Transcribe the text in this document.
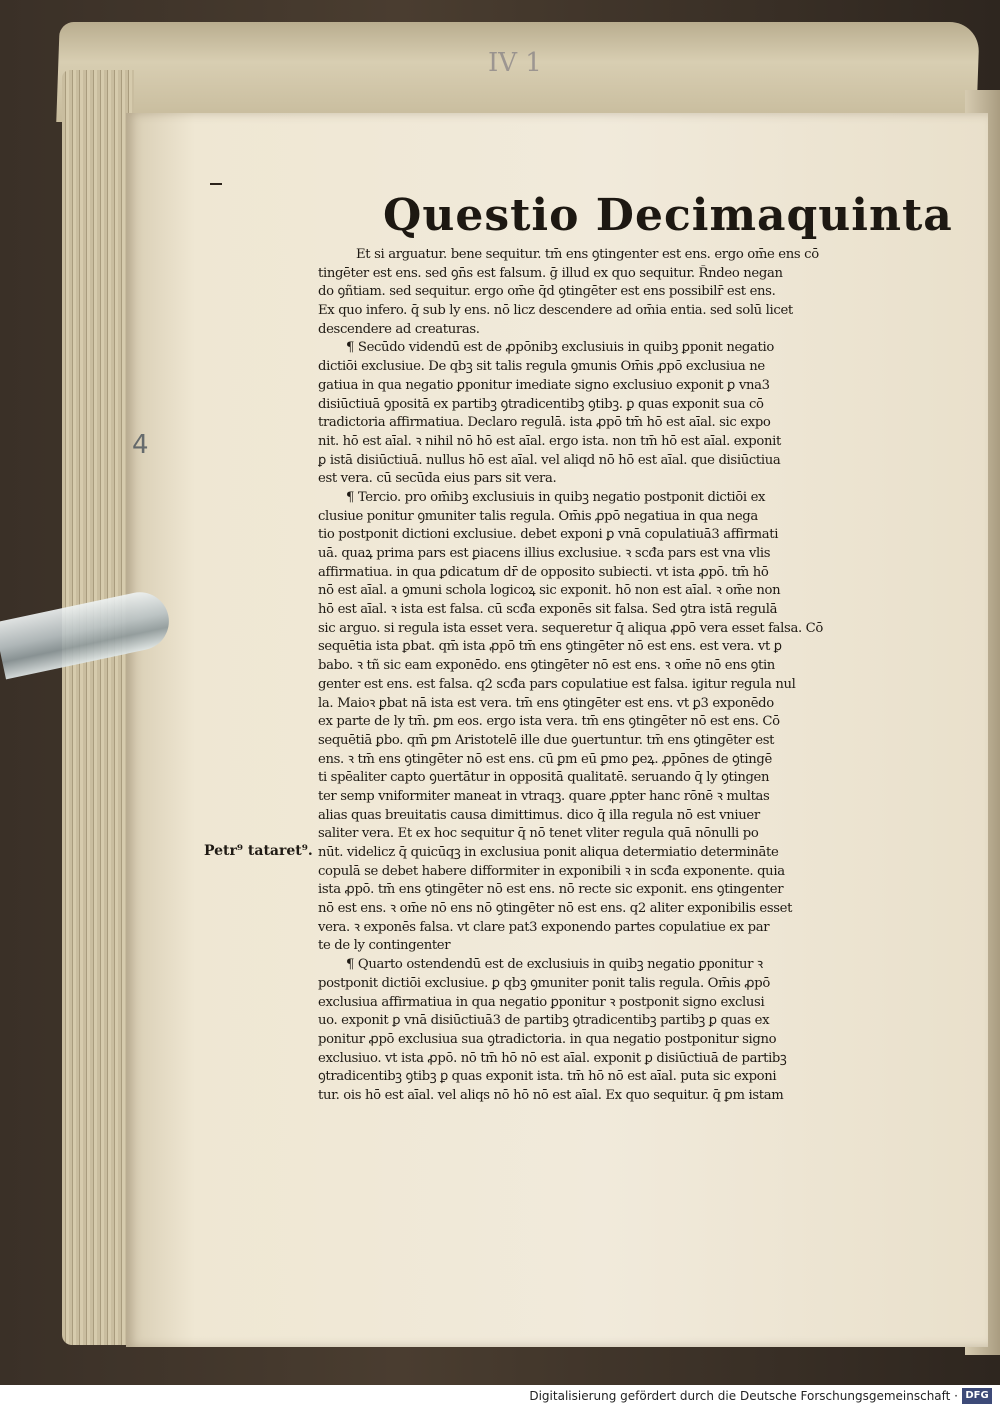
IV 1
4
Questio Decimaquinta
Et si arguatur. bene sequitur. tm̄ ens ꝯtingenter est ens. ergo om̄e ens cō
tingēter est ens. sed ꝯn̄s est falsum. ḡ illud ex quo sequitur. R̄ndeo negan
do ꝯñtiam. sed sequitur. ergo om̄e q̄d ꝯtingēter est ens possibilr̄ est ens.
Ex quo infero. q̄ sub ly ens. nō licz descendere ad om̄ia entia. sed solū licet
descendere ad creaturas.
¶ Secūdo videndū est de ꝓpōnibꝫ exclusiuis in quibꝫ ꝑponit̄ negatio
dictiōi exclusiue. De qbꝫ sit talis regula ꝯmunis Om̄is ꝓpō exclusiua ne
gatiua in qua negatio ꝑponitur imediate signo exclusiuo exponit̄ ꝑ vna3
disiūctiuā ꝯpositā ex partibꝫ ꝯtradicentibꝫ ꝯtibꝫ. ꝑ quas exponit̄ sua cō
tradictoria affirmatiua. Declaro regulā. ista ꝓpō tm̄ hō est aīal. sic expo
nit̄. hō est aīal. ꝛ nihil nō hō est aīal. ergo ista. non tm̄ hō est aīal. exponit̄
ꝑ istā disiūctiuā. nullus hō est aīal. vel aliqd nō hō est aīal. que disiūctiua
est vera. cū secūda eius pars sit vera.
¶ Tercio. pro om̄ibꝫ exclusiuis in quibꝫ negatio postponit̄ dictiōi ex
clusiue ponitur ꝯmuniter talis regula. Om̄is ꝓpō negatiua in qua nega
tio postponit̄ dictioni exclusiue. debet exponi ꝑ vnā copulatiuā3 affirmati
uā. quaꝝ prima pars est ꝑiacens illius exclusiue. ꝛ scđa pars est vna vlis
affirmatiua. in qua ꝑdicatum dr̄ de opposito subiecti. vt ista ꝓpō. tm̄ hō
nō est aīal. a ꝯmuni schola logicoꝝ sic exponit̄. hō non est aīal. ꝛ om̄e non
hō est aīal. ꝛ ista est falsa. cū scđa exponēs sit falsa. Sed ꝯtra istā regulā
sic arguo. si regula ista esset vera. sequeretur q̄ aliqua ꝓpō vera esset falsa. Cō
sequētia ista ꝑbat̄. qm̄ ista ꝓpō tm̄ ens ꝯtingēter nō est ens. est vera. vt ꝑ
babo. ꝛ tñ sic eam exponēdo. ens ꝯtingēter nō est ens. ꝛ om̄e nō ens ꝯtin
genter est ens. est falsa. q2 scđa pars copulatiue est falsa. igitur regula nul
la. Maioꝛ ꝑbat̄ nā ista est vera. tm̄ ens ꝯtingēter est ens. vt ꝑ3 exponēdo
ex parte de ly tm̄. ꝑm eos. ergo ista vera. tm̄ ens ꝯtingēter nō est ens. Cō
sequētiā ꝑbo. qm̄ ꝑm Aristotelē ille due ꝯuertuntur. tm̄ ens ꝯtingēter est
ens. ꝛ tm̄ ens ꝯtingēter nō est ens. cū ꝑm eū ꝑmo ꝑeꝝ. ꝓpōnes de ꝯtingē
ti spēaliter capto ꝯuertātur in oppositā qualitatē. seruando q̄ ly ꝯtingen
ter semp vniformiter maneat in vtraqꝫ. quare ꝓpter hanc rōnē ꝛ multas
alias quas breuitatis causa dimittimus. dico q̄ illa regula nō est vniuer
saliter vera. Et ex hoc sequitur q̄ nō tenet vliter regula quā nōnulli po
nūt. videlicz q̄ quicūqꝫ in exclusiua ponit̄ aliqua determiatio determināte
copulā se debet habere difformiter in exponibili ꝛ in scđa exponente. quia
ista ꝓpō. tm̄ ens ꝯtingēter nō est ens. nō recte sic exponit̄. ens ꝯtingenter
nō est ens. ꝛ om̄e nō ens nō ꝯtingēter nō est ens. q2 aliter exponibilis esset
vera. ꝛ exponēs falsa. vt clare pat3 exponendo partes copulatiue ex par
te de ly contingenter
¶ Quarto ostendendū est de exclusiuis in quibꝫ negatio ꝑponitur ꝛ
postponit̄ dictiōi exclusiue. ꝑ qbꝫ ꝯmuniter ponit̄ talis regula. Om̄is ꝓpō
exclusiua affirmatiua in qua negatio ꝑponitur ꝛ postponit̄ signo exclusi
uo. exponit̄ ꝑ vnā disiūctiuā3 de partibꝫ ꝯtradicentibꝫ partibꝫ ꝑ quas ex
ponitur ꝓpō exclusiua sua ꝯtradictoria. in qua negatio postponitur signo
exclusiuo. vt ista ꝓpō. nō tm̄ hō nō est aīal. exponit̄ ꝑ disiūctiuā de partibꝫ
ꝯtradicentibꝫ ꝯtibꝫ ꝑ quas exponit̄ ista. tm̄ hō nō est aīal. puta sic exponi
tur. ois hō est aīal. vel aliqs nō hō nō est aīal. Ex quo sequitur. q̄ ꝑm istam
Petr⁹ tataret⁹.
Digitalisierung gefördert durch die Deutsche Forschungsgemeinschaft · DFG
